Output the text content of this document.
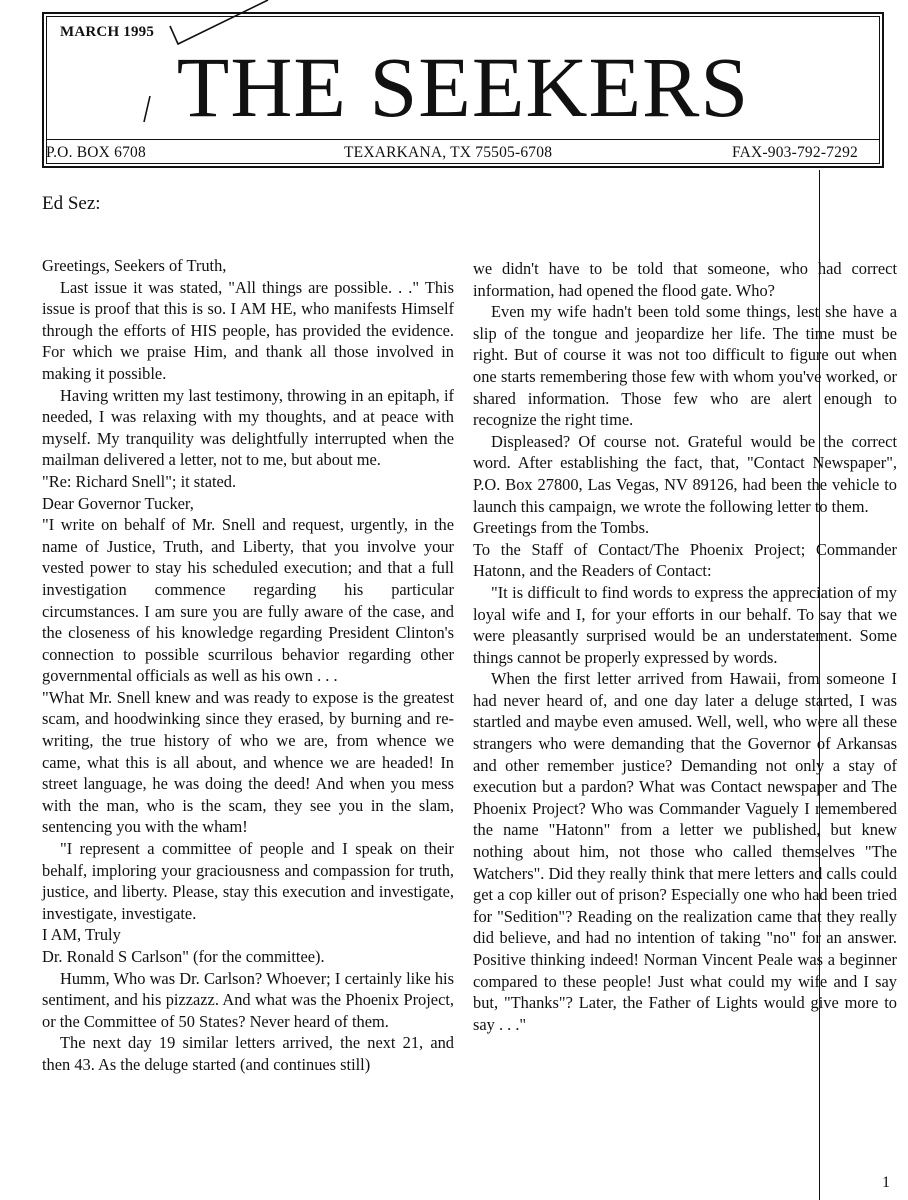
MARCH 1995
THE SEEKERS
P.O. BOX 6708	TEXARKANA, TX 75505-6708	FAX-903-792-7292
Ed Sez:

Greetings, Seekers of Truth,

Last issue it was stated, "All things are possible. . ." This issue is proof that this is so. I AM HE, who manifests Himself through the efforts of HIS people, has provided the evidence. For which we praise Him, and thank all those involved in making it possible.

Having written my last testimony, throwing in an epitaph, if needed, I was relaxing with my thoughts, and at peace with myself. My tranquility was delightfully interrupted when the mailman delivered a letter, not to me, but about me.

"Re: Richard Snell"; it stated.

Dear Governor Tucker,

"I write on behalf of Mr. Snell and request, urgently, in the name of Justice, Truth, and Liberty, that you involve your vested power to stay his scheduled execution; and that a full investigation commence regarding his particular circumstances. I am sure you are fully aware of the case, and the closeness of his knowledge regarding President Clinton's connection to possible scurrilous behavior regarding other governmental officials as well as his own . . .

"What Mr. Snell knew and was ready to expose is the greatest scam, and hoodwinking since they erased, by burning and re-writing, the true history of who we are, from whence we came, what this is all about, and whence we are headed! In street language, he was doing the deed! And when you mess with the man, who is the scam, they see you in the slam, sentencing you with the wham!

"I represent a committee of people and I speak on their behalf, imploring your graciousness and compassion for truth, justice, and liberty. Please, stay this execution and investigate, investigate, investigate.

I AM, Truly

Dr. Ronald S Carlson" (for the committee).

Humm, Who was Dr. Carlson? Whoever; I certainly like his sentiment, and his pizzazz. And what was the Phoenix Project, or the Committee of 50 States? Never heard of them.

The next day 19 similar letters arrived, the next 21, and then 43. As the deluge started (and continues still)

we didn't have to be told that someone, who had correct information, had opened the flood gate. Who?

Even my wife hadn't been told some things, lest she have a slip of the tongue and jeopardize her life. The time must be right. But of course it was not too difficult to figure out when one starts remembering those few with whom you've worked, or shared information. Those few who are alert enough to recognize the right time.

Displeased? Of course not. Grateful would be the correct word. After establishing the fact, that, "Contact Newspaper", P.O. Box 27800, Las Vegas, NV 89126, had been the vehicle to launch this campaign, we wrote the following letter to them.

Greetings from the Tombs.

To the Staff of Contact/The Phoenix Project; Commander Hatonn, and the Readers of Contact:

"It is difficult to find words to express the appreciation of my loyal wife and I, for your efforts in our behalf. To say that we were pleasantly surprised would be an understatement. Some things cannot be properly expressed by words.

When the first letter arrived from Hawaii, from someone I had never heard of, and one day later a deluge started, I was startled and maybe even amused. Well, well, who were all these strangers who were demanding that the Governor of Arkansas and other remember justice? Demanding not only a stay of execution but a pardon? What was Contact newspaper and The Phoenix Project? Who was Commander Vaguely I remembered the name "Hatonn" from a letter we published, but knew nothing about him, not those who called themselves "The Watchers". Did they really think that mere letters and calls could get a cop killer out of prison? Especially one who had been tried for "Sedition"? Reading on the realization came that they really did believe, and had no intention of taking "no" for an answer. Positive thinking indeed! Norman Vincent Peale was a beginner compared to these people! Just what could my wife and I say but, "Thanks"? Later, the Father of Lights would give more to say . . ."

1
